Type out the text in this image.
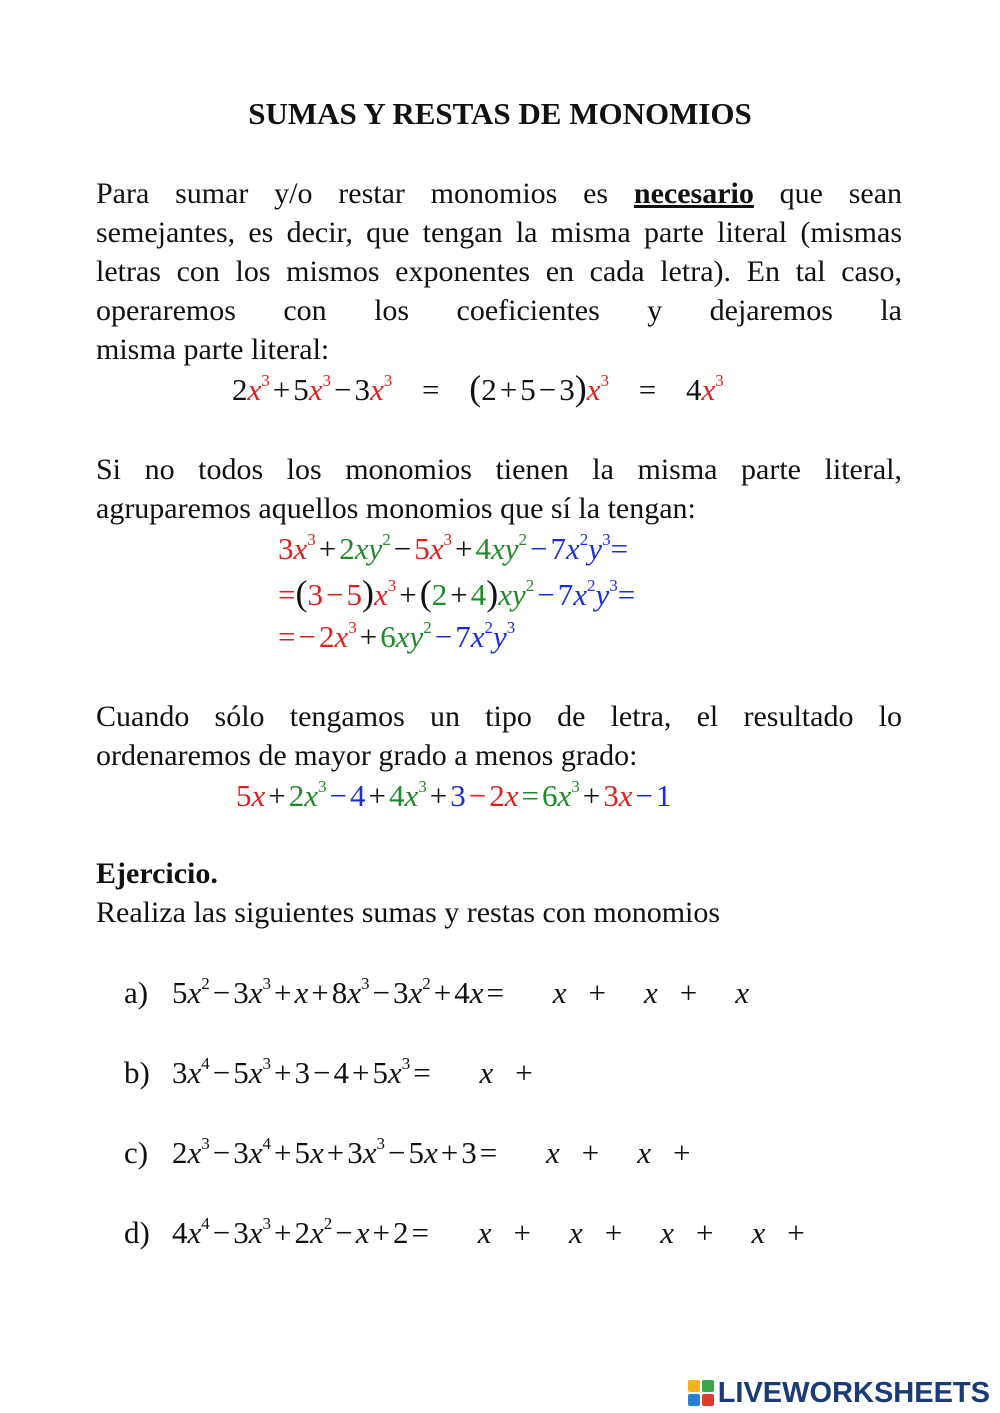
SUMAS Y RESTAS DE MONOMIOS
Para sumar y/o restar monomios es necesario que sean semejantes, es decir, que tengan la misma parte literal (mismas letras con los mismos exponentes en cada letra). En tal caso, operaremos con los coeficientes y dejaremos la
misma parte literal:
$2x^3+5x^3-3x^3 = (2+5-3)x^3 = 4x^3$
Si no todos los monomios tienen la misma parte literal,
agruparemos aquellos monomios que sí la tengan:
$3x^3+2xy^2-5x^3+4xy^2-7x^2y^3=$
$=(3-5)x^3+(2+4)xy^2-7x^2y^3=$
$=-2x^3+6xy^2-7x^2y^3$
Cuando sólo tengamos un tipo de letra, el resultado lo
ordenaremos de mayor grado a menos grado:
$5x+2x^3-4+4x^3+3-2x=6x^3+3x-1$
Ejercicio.
Realiza las siguientes sumas y restas con monomios
a) $5x^2-3x^3+x+8x^3-3x^2+4x= x + x + x$
b) $3x^4-5x^3+3-4+5x^3= x$ +
c) $2x^3-3x^4+5x+3x^3-5x+3= x + x$ +
d) $4x^4-3x^3+2x^2-x+2= x + x + x + x$ +
LIVEWORKSHEETS
